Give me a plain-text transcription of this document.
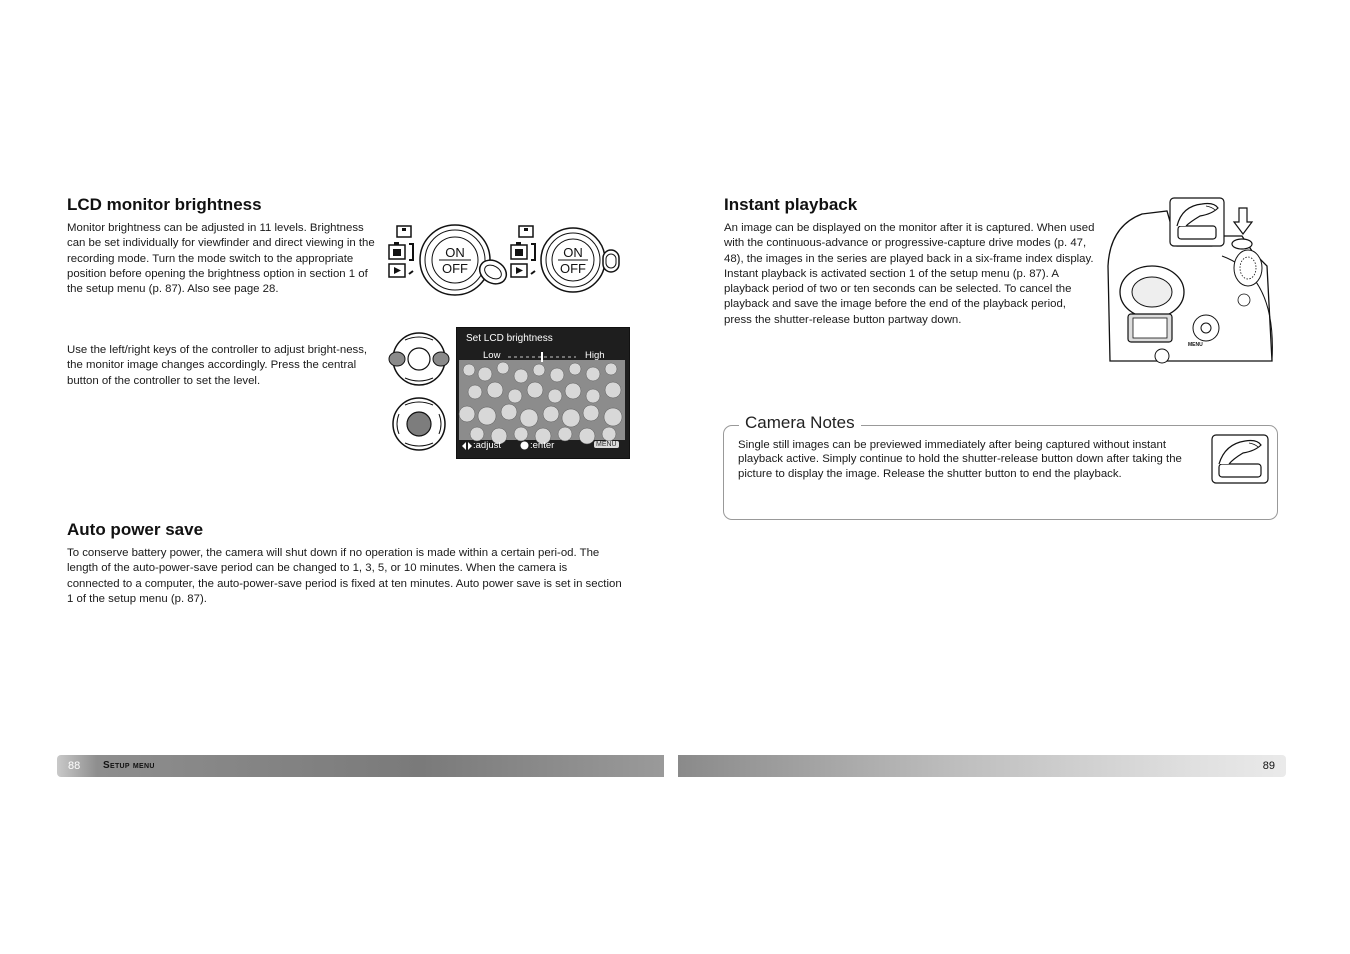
LCD monitor brightness

Monitor brightness can be adjusted in 11 levels. Brightness can be set individually for viewfinder and direct viewing in the recording mode. Turn the mode switch to the appropriate position before opening the brightness option in section 1 of the setup menu (p. 87). Also see page 28.

ON
OFF
ON
OFF

Use the left/right keys of the controller to adjust bright-ness, the monitor image changes accordingly. Press the central button of the controller to set the level.

Set LCD brightness
Low	High
:adjust	:enter	MENU
Auto power save

To conserve battery power, the camera will shut down if no operation is made within a certain peri-od. The length of the auto-power-save period can be changed to 1, 3, 5, or 10 minutes. When the camera is connected to a computer, the auto-power-save period is fixed at ten minutes. Auto power save is set in section 1 of the setup menu (p. 87).

88 Setup menu
Instant playback

An image can be displayed on the monitor after it is captured. When used with the continuous-advance or progressive-capture drive modes (p. 47, 48), the images in the series are played back in a six-frame index display. Instant playback is activated section 1 of the setup menu (p. 87). A playback period of two or ten seconds can be selected. To cancel the playback and save the image before the end of the playback period, press the shutter-release button partway down.

MENU
Camera Notes
Single still images can be previewed immediately after being captured without instant playback active. Simply continue to hold the shutter-release button down after taking the picture to display the image. Release the shutter button to end the playback.
89
